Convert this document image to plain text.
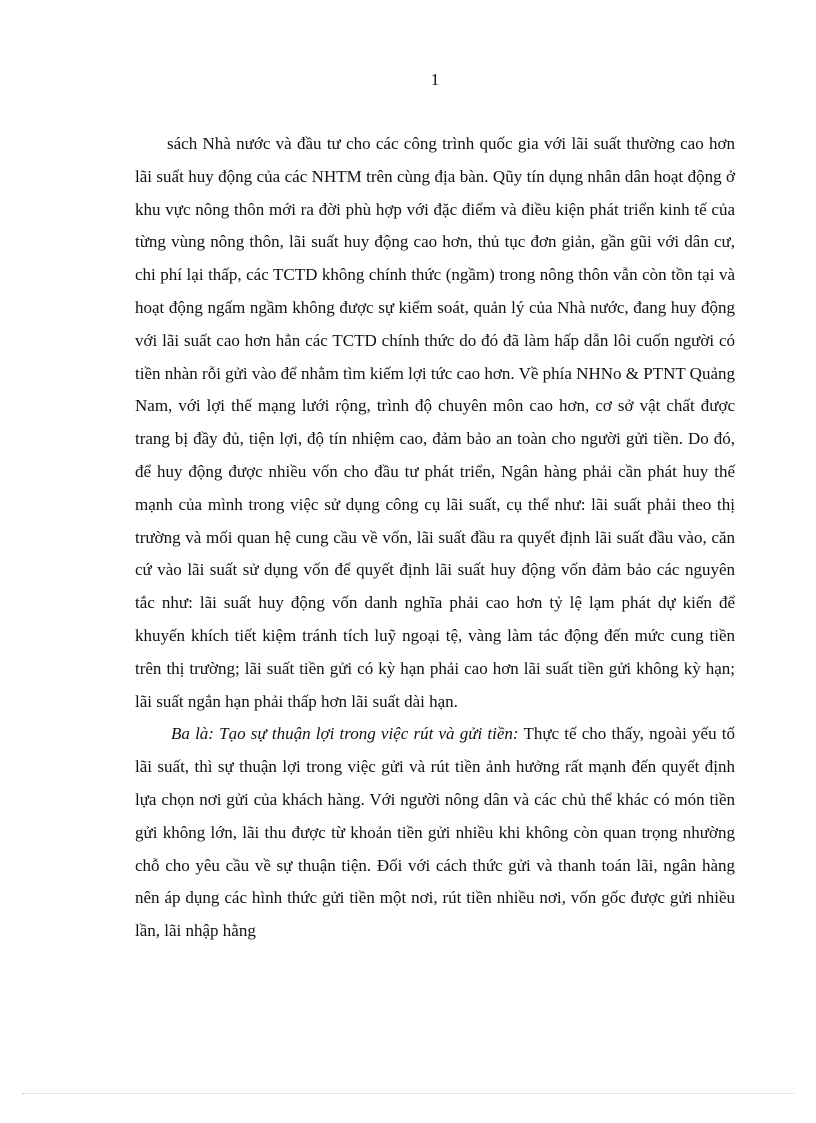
1

sách Nhà nước và đầu tư cho các công trình quốc gia với lãi suất thường cao hơn lãi suất huy động của các NHTM trên cùng địa bàn. Qũy tín dụng nhân dân hoạt động ở khu vực nông thôn mới ra đời phù hợp với đặc điểm và điều kiện phát triển kinh tế của từng vùng nông thôn, lãi suất huy động cao hơn, thủ tục đơn giản, gần gũi với dân cư, chi phí lại thấp, các TCTD không chính thức (ngầm) trong nông thôn vẫn còn tồn tại và hoạt động ngấm ngầm không được sự kiểm soát, quản lý của Nhà nước, đang huy động với lãi suất cao hơn hẳn các TCTD chính thức do đó đã làm hấp dẫn lôi cuốn người có tiền nhàn rỗi gửi vào để nhằm tìm kiếm lợi tức cao hơn. Về phía NHNo & PTNT Quảng Nam, với lợi thế mạng lưới rộng, trình độ chuyên môn cao hơn, cơ sở vật chất được trang bị đầy đủ, tiện lợi, độ tín nhiệm cao, đảm bảo an toàn cho người gửi tiền. Do đó, để huy động được nhiều vốn cho đầu tư phát triển, Ngân hàng phải cần phát huy thế mạnh của mình trong việc sử dụng công cụ lãi suất, cụ thể như: lãi suất phải theo thị trường và mối quan hệ cung cầu về vốn, lãi suất đầu ra quyết định lãi suất đầu vào, căn cứ vào lãi suất sử dụng vốn để quyết định lãi suất huy động vốn đảm bảo các nguyên tắc như: lãi suất huy động vốn danh nghĩa phải cao hơn tỷ lệ lạm phát dự kiến để khuyến khích tiết kiệm tránh tích luỹ ngoại tệ, vàng làm tác động đến mức cung tiền trên thị trường; lãi suất tiền gửi có kỳ hạn phải cao hơn lãi suất tiền gửi không kỳ hạn; lãi suất ngắn hạn phải thấp hơn lãi suất dài hạn.

Ba là: Tạo sự thuận lợi trong việc rút và gửi tiền: Thực tế cho thấy, ngoài yếu tố lãi suất, thì sự thuận lợi trong việc gửi và rút tiền ảnh hưởng rất mạnh đến quyết định lựa chọn nơi gửi của khách hàng. Với người nông dân và các chủ thể khác có món tiền gửi không lớn, lãi thu được từ khoản tiền gửi nhiều khi không còn quan trọng nhường chỗ cho yêu cầu về sự thuận tiện. Đối với cách thức gửi và thanh toán lãi, ngân hàng nên áp dụng các hình thức gửi tiền một nơi, rút tiền nhiều nơi, vốn gốc được gửi nhiều lần, lãi nhập hằng
